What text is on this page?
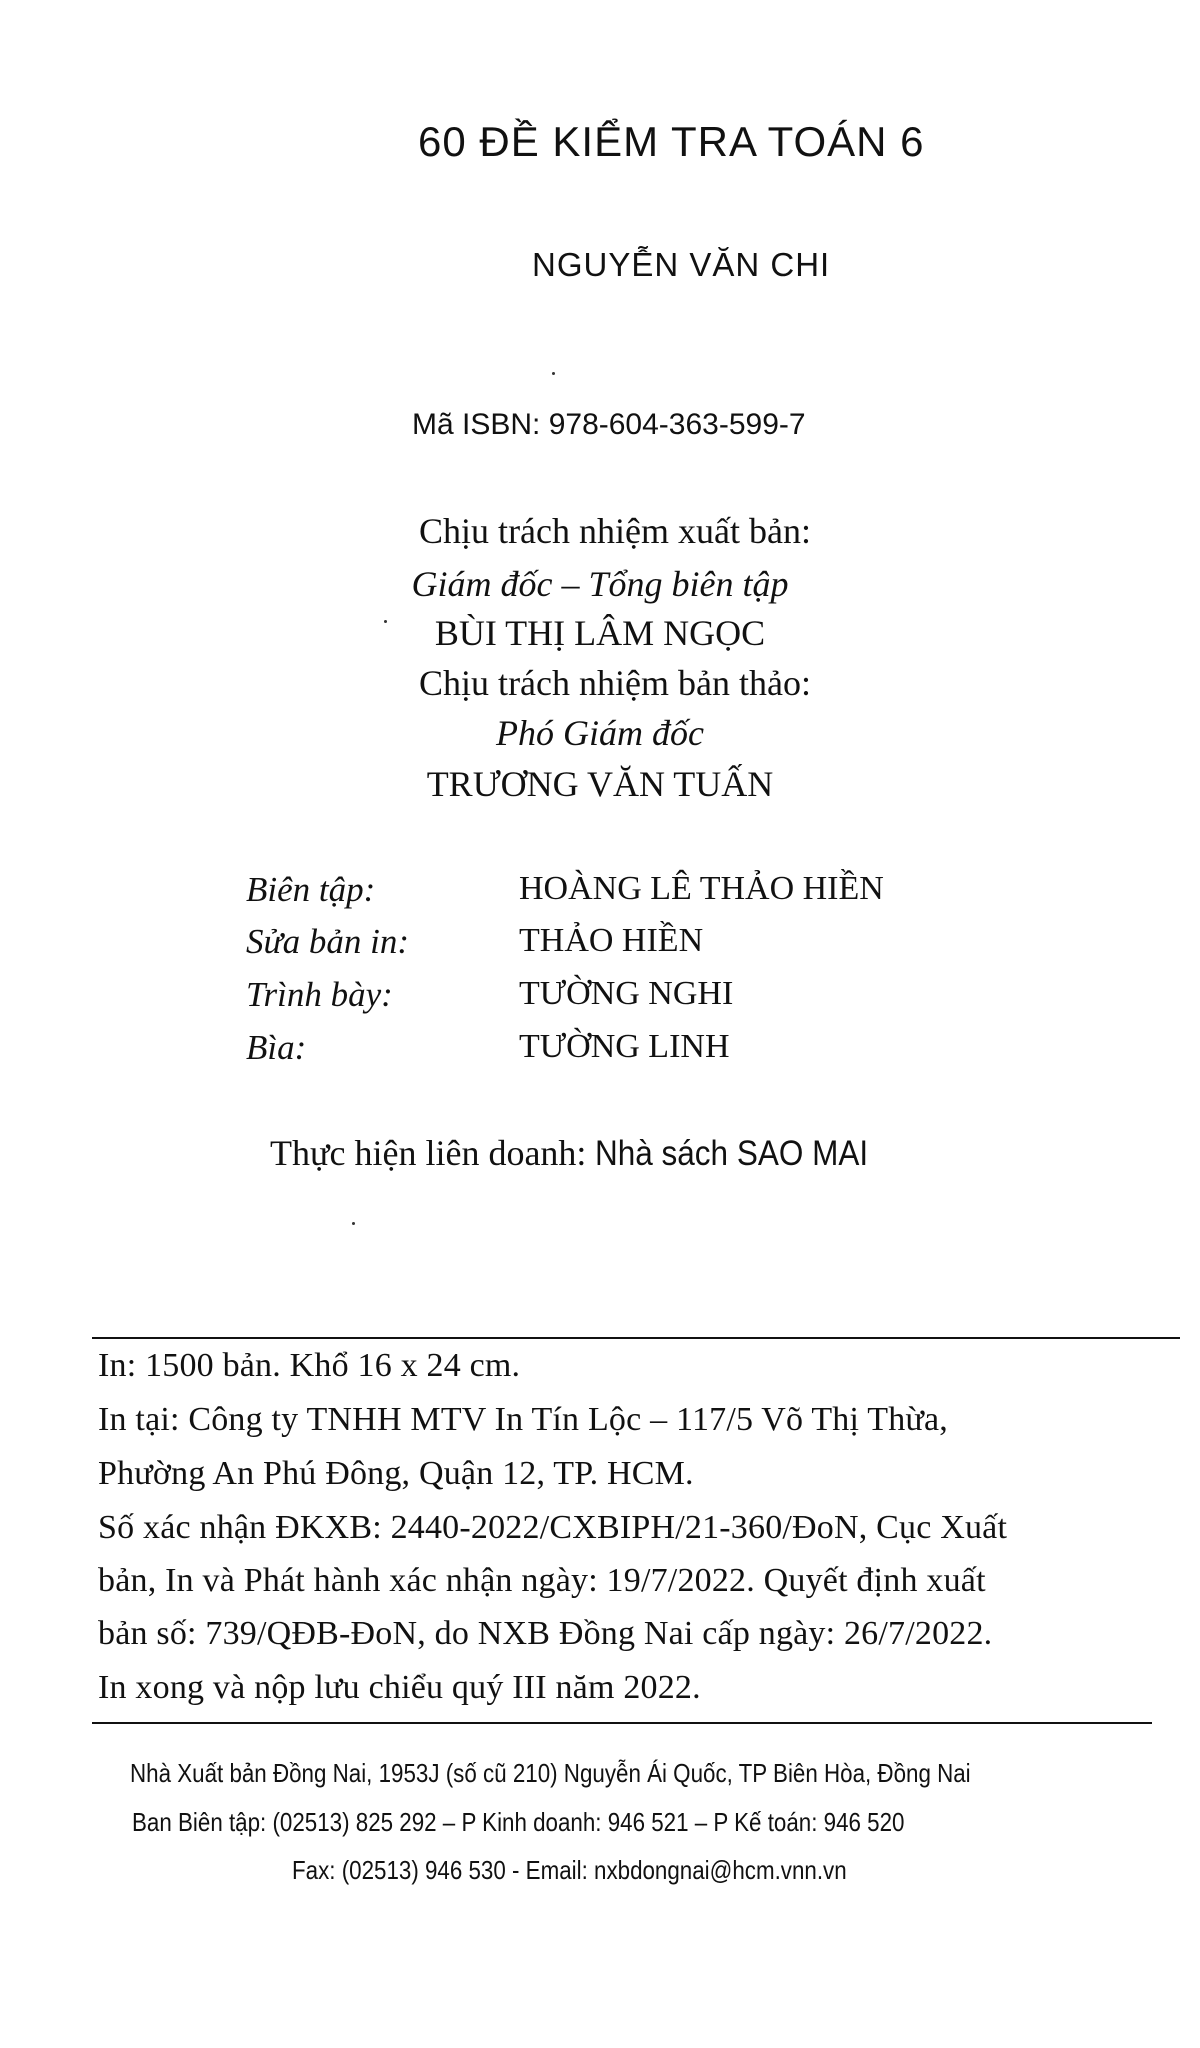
60 ĐỀ KIỂM TRA TOÁN 6
NGUYỄN VĂN CHI
Mã ISBN: 978-604-363-599-7
Chịu trách nhiệm xuất bản:
Giám đốc – Tổng biên tập
BÙI THỊ LÂM NGỌC
Chịu trách nhiệm bản thảo:
Phó Giám đốc
TRƯƠNG VĂN TUẤN
Biên tập:	HOÀNG LÊ THẢO HIỀN
Sửa bản in:	THẢO HIỀN
Trình bày:	TƯỜNG NGHI
Bìa:	TƯỜNG LINH
Thực hiện liên doanh: Nhà sách SAO MAI
In: 1500 bản. Khổ 16 x 24 cm.
In tại: Công ty TNHH MTV In Tín Lộc – 117/5 Võ Thị Thừa,
Phường An Phú Đông, Quận 12, TP. HCM.
Số xác nhận ĐKXB: 2440-2022/CXBIPH/21-360/ĐoN, Cục Xuất
bản, In và Phát hành xác nhận ngày: 19/7/2022. Quyết định xuất
bản số: 739/QĐB-ĐoN, do NXB Đồng Nai cấp ngày: 26/7/2022.
In xong và nộp lưu chiểu quý III năm 2022.
Nhà Xuất bản Đồng Nai, 1953J (số cũ 210) Nguyễn Ái Quốc, TP Biên Hòa, Đồng Nai
Ban Biên tập: (02513) 825 292 – P Kinh doanh: 946 521 – P Kế toán: 946 520
Fax: (02513) 946 530 - Email: nxbdongnai@hcm.vnn.vn
